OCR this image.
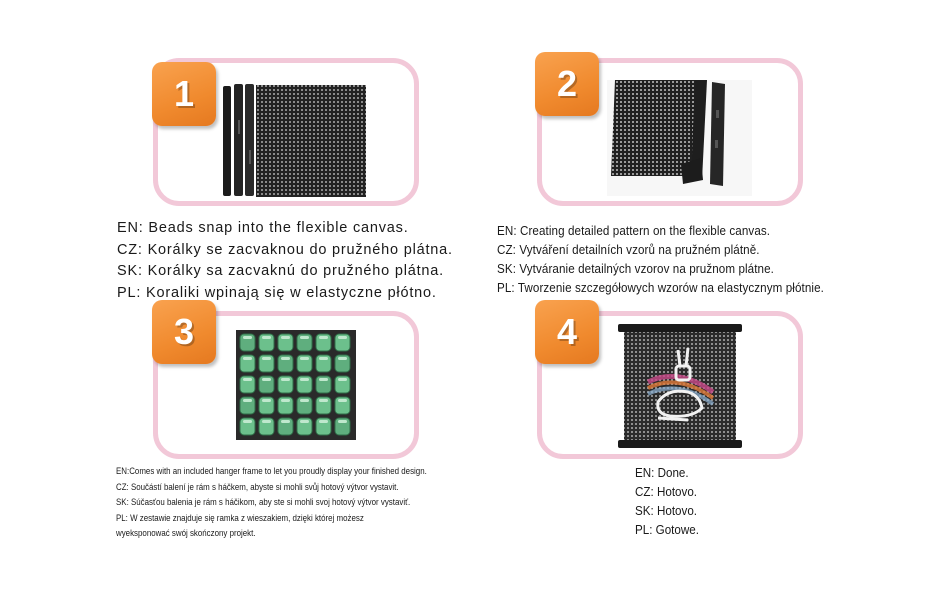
1
EN: Beads snap into the flexible canvas.
CZ: Korálky se zacvaknou do pružného plátna.
SK: Korálky sa zacvaknú do pružného plátna.
PL: Koraliki wpinają się w elastyczne płótno.
2
EN: Creating detailed pattern on the flexible canvas.
CZ: Vytváření detailních vzorů na pružném plátně.
SK: Vytváranie detailných vzorov na pružnom plátne.
PL: Tworzenie szczegółowych wzorów na elastycznym płótnie.
3
EN:Comes with an included hanger frame to let you proudly display your finished design.
CZ: Součástí balení je rám s háčkem, abyste si mohli svůj hotový výtvor vystavit.
SK: Súčasťou balenia je rám s háčikom, aby ste si mohli svoj hotový výtvor vystaviť.
PL: W zestawie znajduje się ramka z wieszakiem, dzięki której możesz
wyeksponować swój skończony projekt.
4
EN: Done.
CZ: Hotovo.
SK: Hotovo.
PL: Gotowe.
